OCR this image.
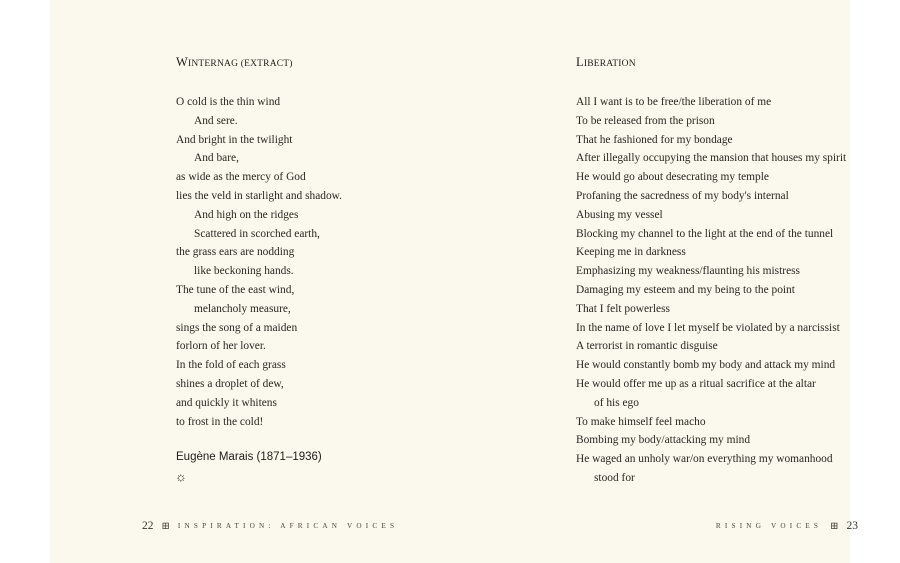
WINTERNAG (EXTRACT)
O cold is the thin wind
And sere.
And bright in the twilight
And bare,
as wide as the mercy of God
lies the veld in starlight and shadow.
And high on the ridges
Scattered in scorched earth,
the grass ears are nodding
like beckoning hands.
The tune of the east wind,
melancholy measure,
sings the song of a maiden
forlorn of her lover.
In the fold of each grass
shines a droplet of dew,
and quickly it whitens
to frost in the cold!
Eugène Marais (1871–1936)
☼
22 ⊞ INSPIRATION: AFRICAN VOICES
LIBERATION
All I want is to be free/the liberation of me
To be released from the prison
That he fashioned for my bondage
After illegally occupying the mansion that houses my spirit
He would go about desecrating my temple
Profaning the sacredness of my body's internal
Abusing my vessel
Blocking my channel to the light at the end of the tunnel
Keeping me in darkness
Emphasizing my weakness/flaunting his mistress
Damaging my esteem and my being to the point
That I felt powerless
In the name of love I let myself be violated by a narcissist
A terrorist in romantic disguise
He would constantly bomb my body and attack my mind
He would offer me up as a ritual sacrifice at the altar
of his ego
To make himself feel macho
Bombing my body/attacking my mind
He waged an unholy war/on everything my womanhood
stood for
RISING VOICES ⊞ 23
